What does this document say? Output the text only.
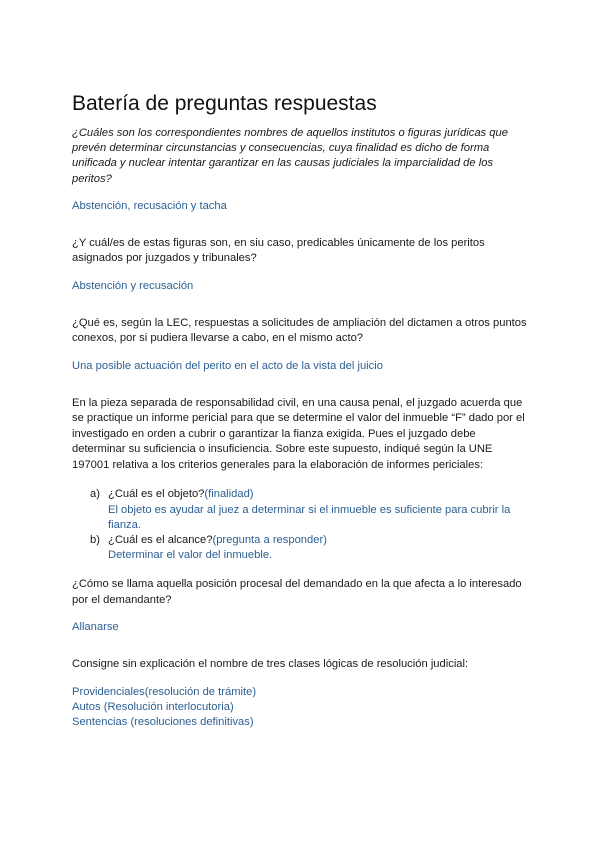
Batería de preguntas respuestas

¿Cuáles son los correspondientes nombres de aquellos institutos o figuras jurídicas que prevén determinar circunstancias y consecuencias, cuya finalidad es dicho de forma unificada y nuclear intentar garantizar en las causas judiciales la imparcialidad de los peritos?

Abstención, recusación y tacha

¿Y cuál/es de estas figuras son, en siu caso, predicables únicamente de los peritos asignados por juzgados y tribunales?

Abstención y recusación

¿Qué es, según la LEC, respuestas a solicitudes de ampliación del dictamen a otros puntos conexos, por si pudiera llevarse a cabo, en el mismo acto?

Una posible actuación del perito en el acto de la vista del juicio

En la pieza separada de responsabilidad civil, en una causa penal, el juzgado acuerda que se practique un informe pericial para que se determine el valor del inmueble “F” dado por el investigado en orden a cubrir o garantizar la fianza exigida. Pues el juzgado debe determinar su suficiencia o insuficiencia. Sobre este supuesto, indiqué según la UNE 197001 relativa a los criterios generales para la elaboración de informes periciales:

a) ¿Cuál es el objeto?(finalidad)
El objeto es ayudar al juez a determinar si el inmueble es suficiente para cubrir la fianza.
b) ¿Cuál es el alcance?(pregunta a responder)
Determinar el valor del inmueble.

¿Cómo se llama aquella posición procesal del demandado en la que afecta a lo interesado por el demandante?

Allanarse

Consigne sin explicación el nombre de tres clases lógicas de resolución judicial:

Providenciales(resolución de trámite)

Autos (Resolución interlocutoria)

Sentencias (resoluciones definitivas)
